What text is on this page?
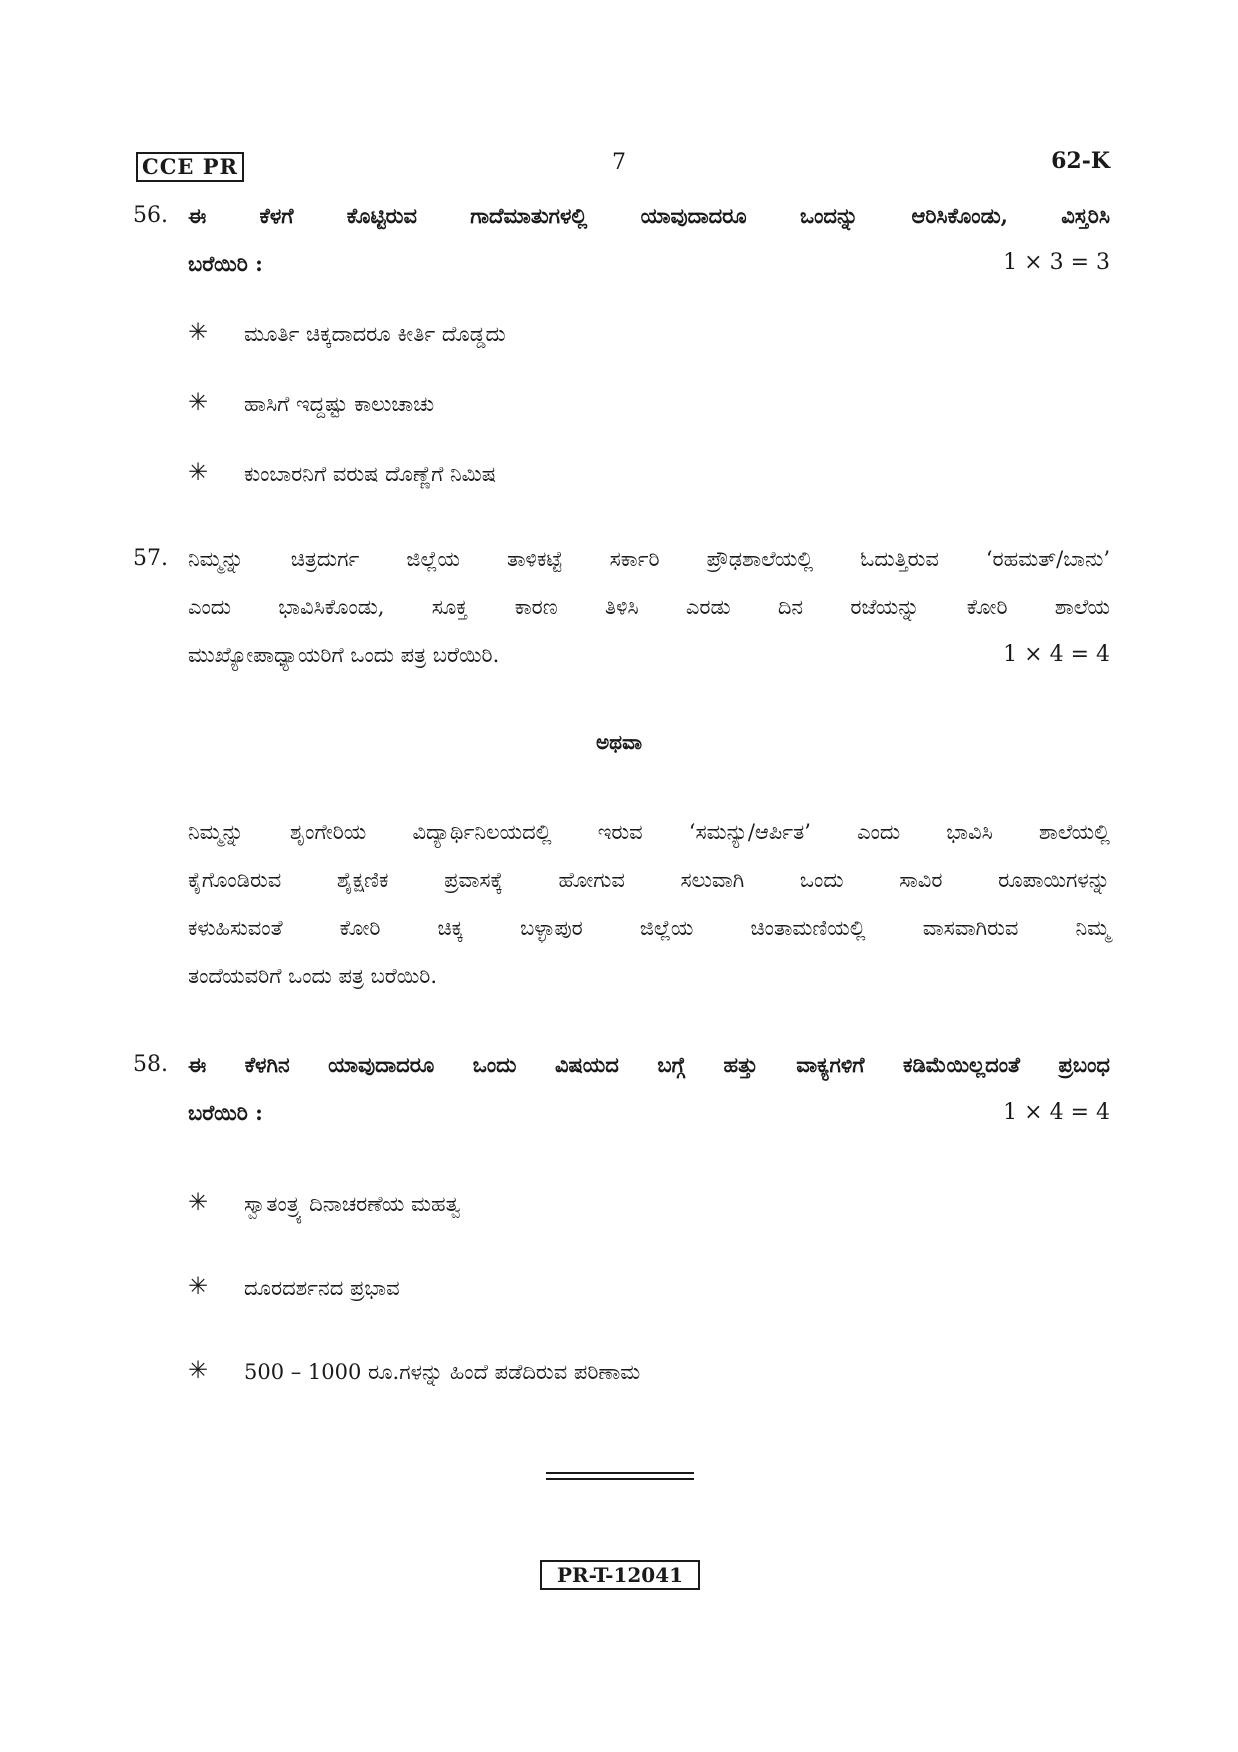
CCE PR	7	62-K
56. ಈ ಕೆಳಗೆ ಕೊಟ್ಟಿರುವ ಗಾದೆಮಾತುಗಳಲ್ಲಿ ಯಾವುದಾದರೂ ಒಂದನ್ನು ಆರಿಸಿಕೊಂಡು, ವಿಸ್ತರಿಸಿ
ಬರೆಯಿರಿ :	1 × 3 = 3
✳ ಮೂರ್ತಿ ಚಿಕ್ಕದಾದರೂ ಕೀರ್ತಿ ದೊಡ್ಡದು
✳ ಹಾಸಿಗೆ ಇದ್ದಷ್ಟು ಕಾಲುಚಾಚು
✳ ಕುಂಬಾರನಿಗೆ ವರುಷ ದೊಣ್ಣೆಗೆ ನಿಮಿಷ
57. ನಿಮ್ಮನ್ನು ಚಿತ್ರದುರ್ಗ ಜಿಲ್ಲೆಯ ತಾಳಿಕಟ್ಟೆ ಸರ್ಕಾರಿ ಪ್ರೌಢಶಾಲೆಯಲ್ಲಿ ಓದುತ್ತಿರುವ ‘ರಹಮತ್/ಬಾನು’
ಎಂದು ಭಾವಿಸಿಕೊಂಡು, ಸೂಕ್ತ ಕಾರಣ ತಿಳಿಸಿ ಎರಡು ದಿನ ರಜೆಯನ್ನು ಕೋರಿ ಶಾಲೆಯ
ಮುಖ್ಯೋಪಾಧ್ಯಾಯರಿಗೆ ಒಂದು ಪತ್ರ ಬರೆಯಿರಿ.	1 × 4 = 4
ಅಥವಾ
ನಿಮ್ಮನ್ನು ಶೃಂಗೇರಿಯ ವಿದ್ಯಾರ್ಥಿನಿಲಯದಲ್ಲಿ ಇರುವ ‘ಸಮನ್ಯು/ಆರ್ಪಿತ’ ಎಂದು ಭಾವಿಸಿ ಶಾಲೆಯಲ್ಲಿ
ಕೈಗೊಂಡಿರುವ ಶೈಕ್ಷಣಿಕ ಪ್ರವಾಸಕ್ಕೆ ಹೋಗುವ ಸಲುವಾಗಿ ಒಂದು ಸಾವಿರ ರೂಪಾಯಿಗಳನ್ನು
ಕಳುಹಿಸುವಂತೆ ಕೋರಿ ಚಿಕ್ಕ ಬಳ್ಳಾಪುರ ಜಿಲ್ಲೆಯ ಚಿಂತಾಮಣಿಯಲ್ಲಿ ವಾಸವಾಗಿರುವ ನಿಮ್ಮ
ತಂದೆಯವರಿಗೆ ಒಂದು ಪತ್ರ ಬರೆಯಿರಿ.
58. ಈ ಕೆಳಗಿನ ಯಾವುದಾದರೂ ಒಂದು ವಿಷಯದ ಬಗ್ಗೆ ಹತ್ತು ವಾಕ್ಯಗಳಿಗೆ ಕಡಿಮೆಯಿಲ್ಲದಂತೆ ಪ್ರಬಂಧ
ಬರೆಯಿರಿ :	1 × 4 = 4
✳ ಸ್ವಾತಂತ್ರ್ಯ ದಿನಾಚರಣೆಯ ಮಹತ್ವ
✳ ದೂರದರ್ಶನದ ಪ್ರಭಾವ
✳ 500 – 1000 ರೂ.ಗಳನ್ನು ಹಿಂದೆ ಪಡೆದಿರುವ ಪರಿಣಾಮ
PR-T-12041
